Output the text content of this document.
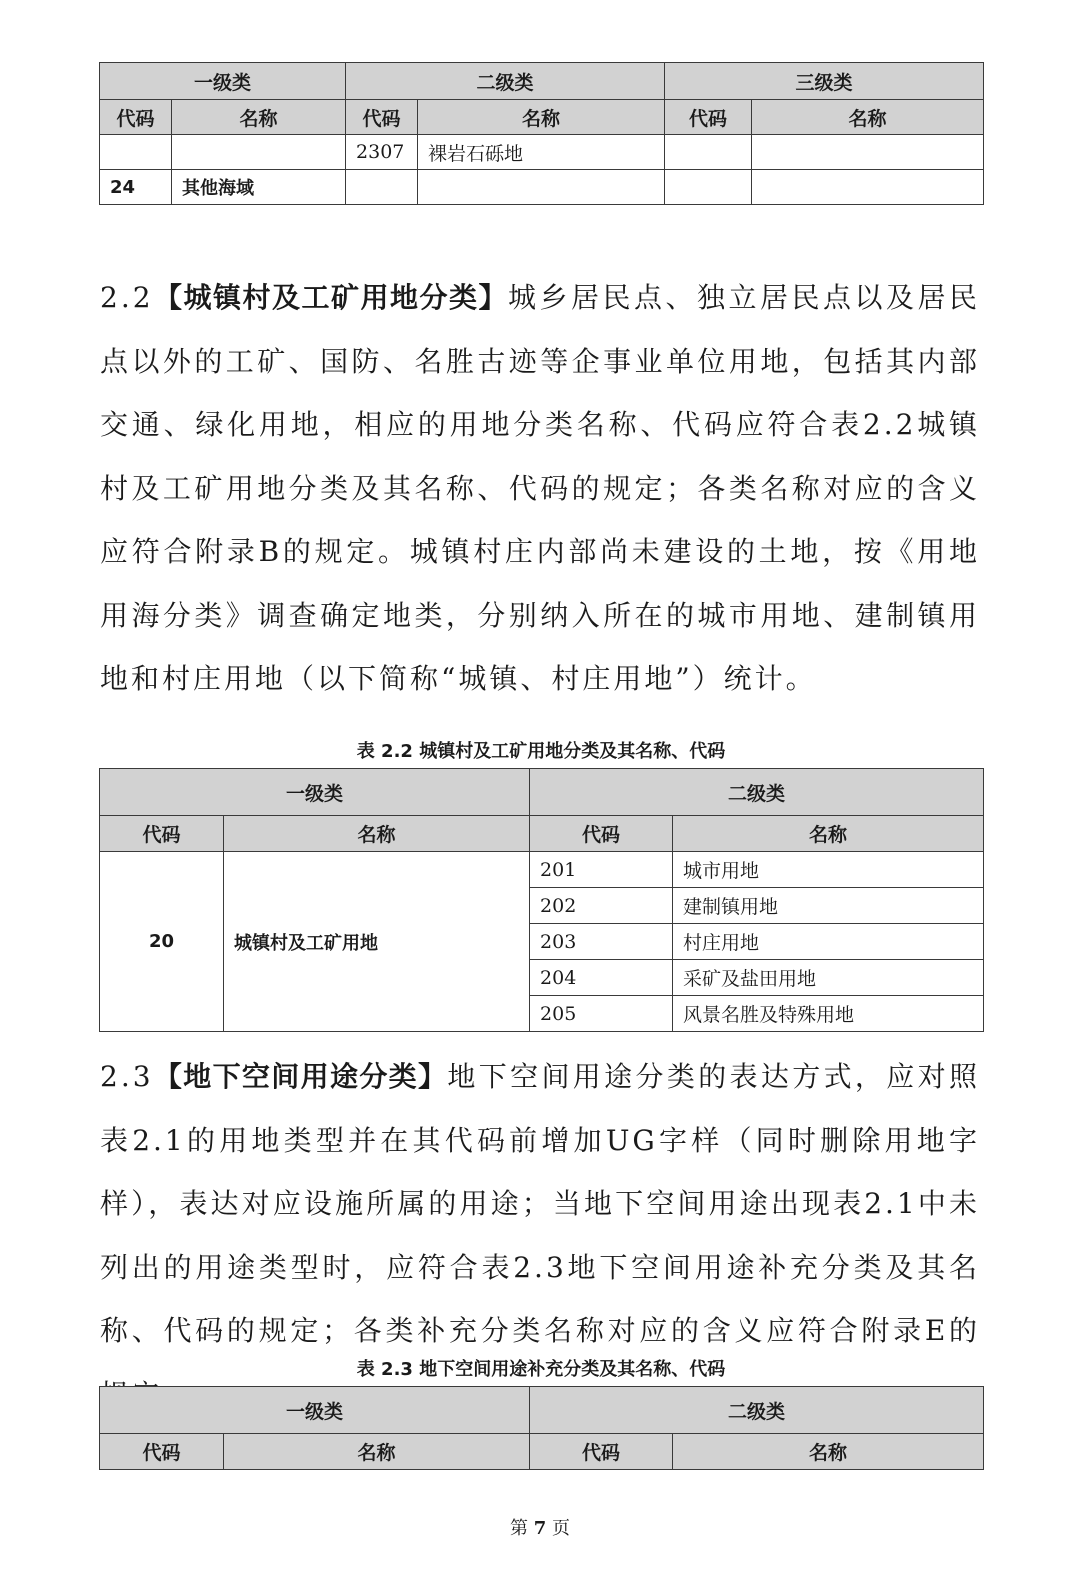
一级类		二级类		三级类	
代码	名称	代码	名称	代码	名称
		2307	裸岩石砾地		
24	其他海域				

2.2【城镇村及工矿用地分类】城乡居民点、独立居民点以及居民点以外的工矿、国防、名胜古迹等企事业单位用地，包括其内部交通、绿化用地，相应的用地分类名称、代码应符合表2.2城镇村及工矿用地分类及其名称、代码的规定；各类名称对应的含义应符合附录B的规定。城镇村庄内部尚未建设的土地，按《用地用海分类》调查确定地类，分别纳入所在的城市用地、建制镇用地和村庄用地（以下简称“城镇、村庄用地”）统计。

表 2.2 城镇村及工矿用地分类及其名称、代码
一级类		二级类	
代码	名称	代码	名称
20	城镇村及工矿用地	201	城市用地
		202	建制镇用地
		203	村庄用地
		204	采矿及盐田用地
		205	风景名胜及特殊用地

2.3【地下空间用途分类】地下空间用途分类的表达方式，应对照表2.1的用地类型并在其代码前增加UG字样（同时删除用地字样），表达对应设施所属的用途；当地下空间用途出现表2.1中未列出的用途类型时，应符合表2.3地下空间用途补充分类及其名称、代码的规定；各类补充分类名称对应的含义应符合附录E的

表 2.3 地下空间用途补充分类及其名称、代码
一级类		二级类	
代码	名称	代码	名称
第 7 页
